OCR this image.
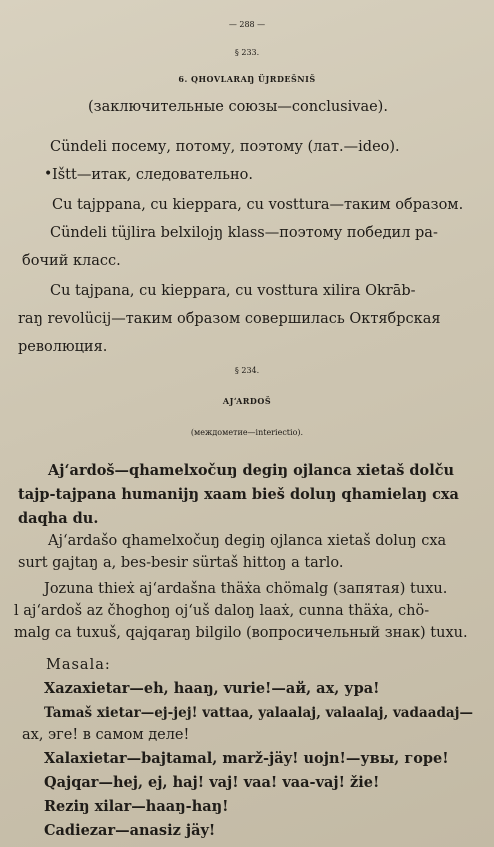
— 288 —
§ 233.
6. QHOVLARAŊ ÜJRDEŠNIŠ
(заключительные союзы—conclusivae).
•
Cündeli посему, потому, поэтому (лат.—ideo).
Ištt—итак, следовательно.
Cu tajppana, cu kieppara, cu vosttura—таким образом.
Cündeli tüjlira belxilojŋ klass—поэтому победил ра-
бочий класс.
Cu tajpana, cu kieppara, cu vosttura xilira Okrāb-
raŋ revolücij—таким образом совершилась Октябрская
революция.
§ 234.
AJʻARDOŠ
(междометие—interiectio).
Ajʻardoš—qhamelxočuŋ degiŋ ojlanca xietaš dolču
tajp-tajpana humanijŋ xaam bieš doluŋ qhamielaŋ cxa
daqha du.
Ajʻardašo qhamelxočuŋ degiŋ ojlanca xietaš doluŋ cxa
surt gajtaŋ a, bes-besir sürtaš hittoŋ a tarlo.
Jozuna thieẋ ajʻardašna thäẋa chömalg (запятая) tuxu.
l ajʻardoš az čhoghoŋ ojʻuš daloŋ laaẋ, cunna thäẋa, chö-
malg ca tuxuš, qajqaraŋ bilgilo (вопросичельный знак) tuxu.
Masala:
Xazaxietar—eh, haaŋ, vurie!—ай, ах, ура!
Tamaš xietar—ej-jej! vattaa, yalaalaj, valaalaj, vadaadaj—
ах, эге! в самом деле!
Xalaxietar—bajtamal, marž-jäy! uojn!—увы, горе!
Qajqar—hej, ej, haj! vaj! vaa! vaa-vaj! žie!
Reziŋ xilar—haaŋ-haŋ!
Cadiezar—anasiz jäy!
